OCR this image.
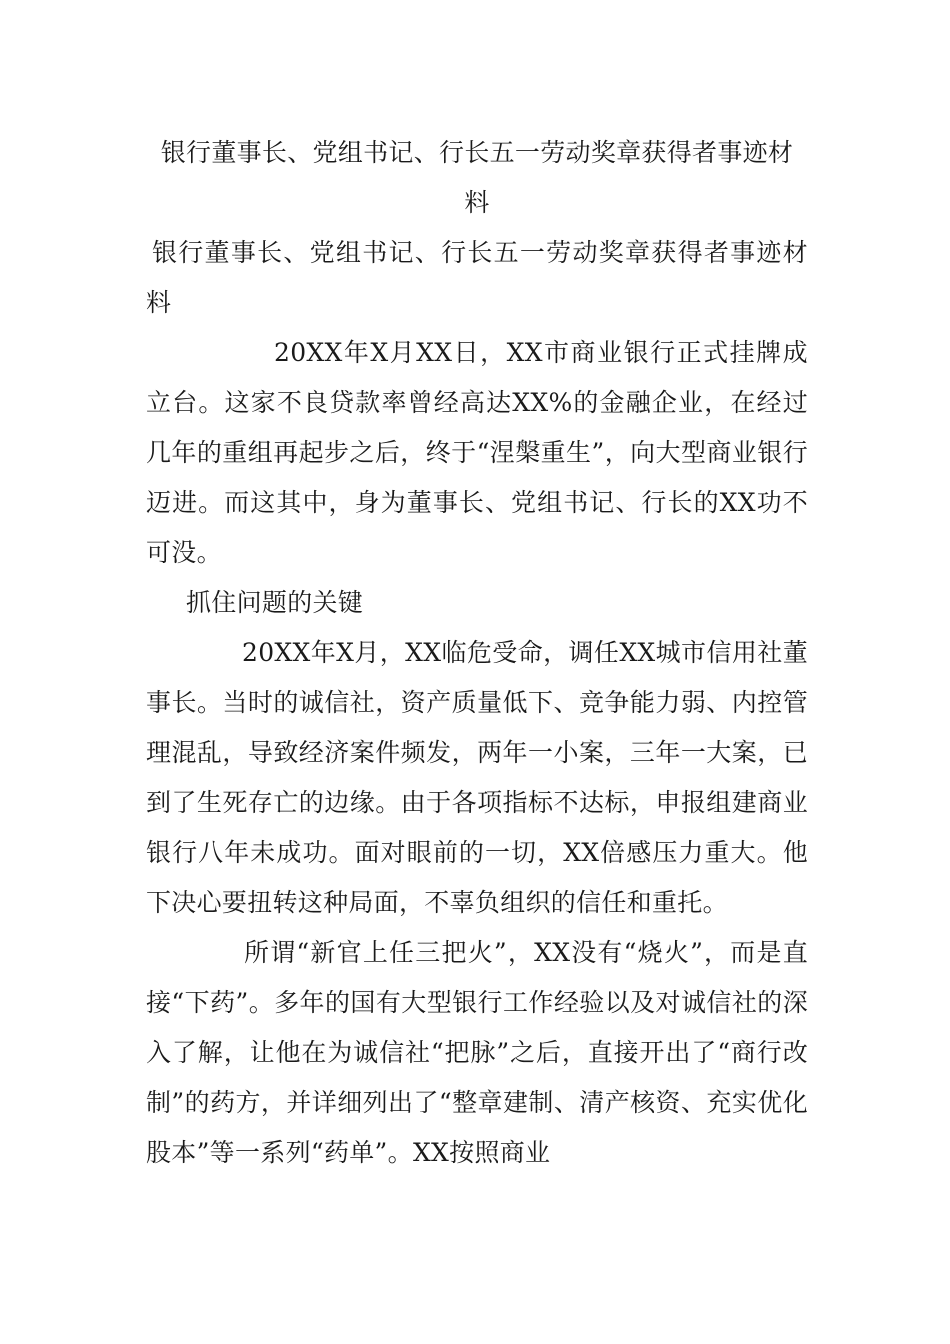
银行董事长、党组书记、行长五一劳动奖章获得者事迹材料

银行董事长、党组书记、行长五一劳动奖章获得者事迹材料

20XX年X月XX日，XX市商业银行正式挂牌成立台。这家不良贷款率曾经高达XX%的金融企业，在经过几年的重组再起步之后，终于“涅槃重生”，向大型商业银行迈进。而这其中，身为董事长、党组书记、行长的XX功不可没。

抓住问题的关键

20XX年X月，XX临危受命，调任XX城市信用社董事长。当时的诚信社，资产质量低下、竞争能力弱、内控管理混乱，导致经济案件频发，两年一小案，三年一大案，已到了生死存亡的边缘。由于各项指标不达标，申报组建商业银行八年未成功。面对眼前的一切，XX倍感压力重大。他下决心要扭转这种局面，不辜负组织的信任和重托。

所谓“新官上任三把火”，XX没有“烧火”，而是直接“下药”。多年的国有大型银行工作经验以及对诚信社的深入了解，让他在为诚信社“把脉”之后，直接开出了“商行改制”的药方，并详细列出了“整章建制、清产核资、充实优化股本”等一系列“药单”。XX按照商业
